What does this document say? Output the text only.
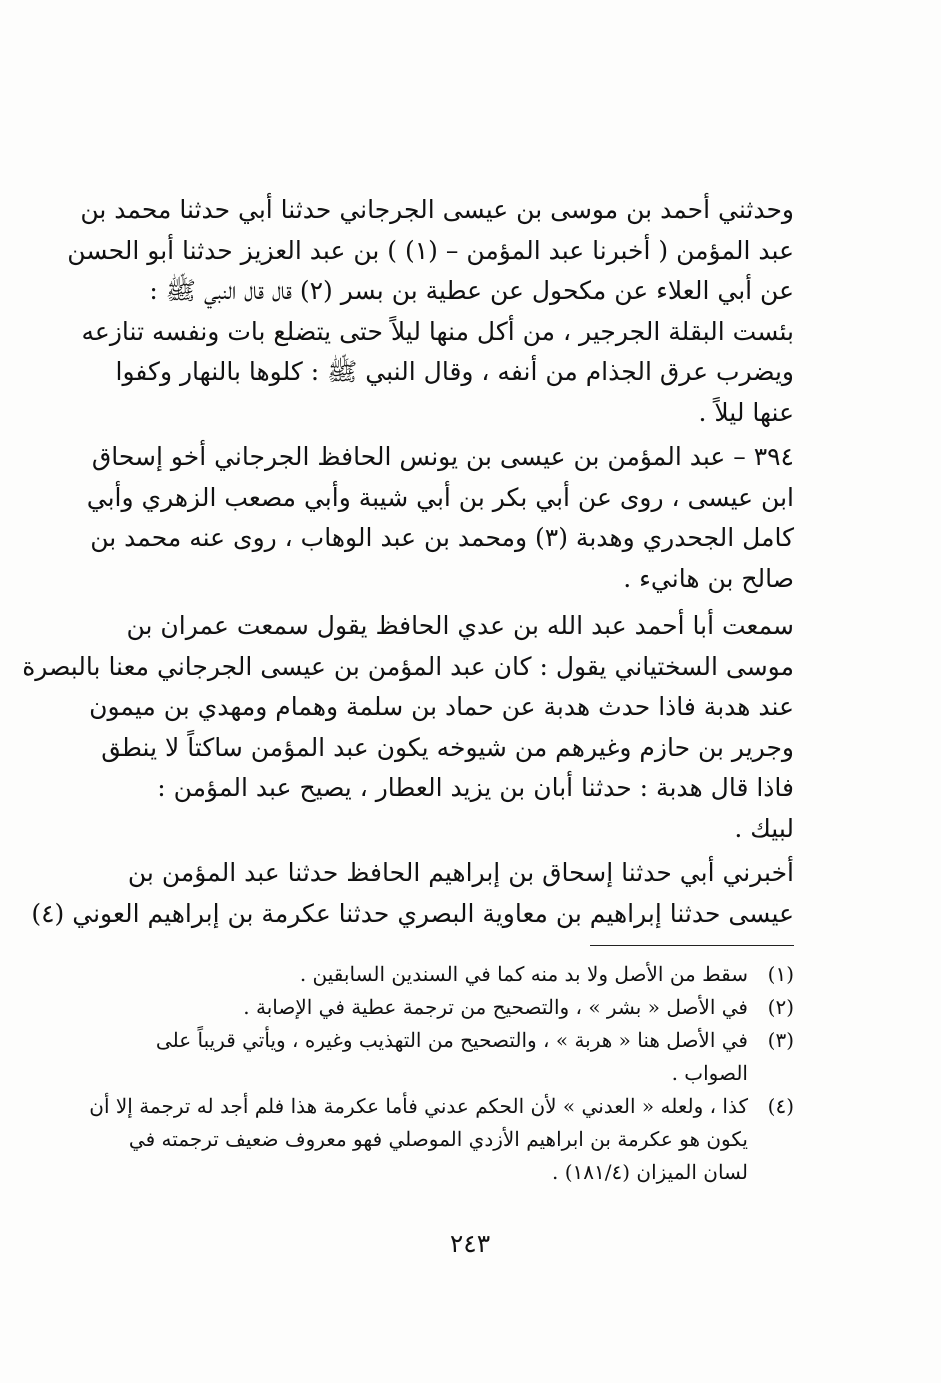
وحدثني أحمد بن موسى بن عيسى الجرجاني حدثنا أبي حدثنا محمد بن
عبد المؤمن ( أخبرنا عبد المؤمن – (١) ) بن عبد العزيز حدثنا أبو الحسن
عن أبي العلاء عن مكحول عن عطية بن بسر (٢) قال قال النبي ﷺ :
بئست البقلة الجرجير ، من أكل منها ليلاً حتى يتضلع بات ونفسه تنازعه
ويضرب عرق الجذام من أنفه ، وقال النبي ﷺ : كلوها بالنهار وكفوا
عنها ليلاً .
٣٩٤ – عبد المؤمن بن عيسى بن يونس الحافظ الجرجاني أخو إسحاق
ابن عيسى ، روى عن أبي بكر بن أبي شيبة وأبي مصعب الزهري وأبي
كامل الجحدري وهدبة (٣) ومحمد بن عبد الوهاب ، روى عنه محمد بن
صالح بن هانيء .
سمعت أبا أحمد عبد الله بن عدي الحافظ يقول سمعت عمران بن
موسى السختياني يقول : كان عبد المؤمن بن عيسى الجرجاني معنا بالبصرة
عند هدبة فاذا حدث هدبة عن حماد بن سلمة وهمام ومهدي بن ميمون
وجرير بن حازم وغيرهم من شيوخه يكون عبد المؤمن ساكتاً لا ينطق
فاذا قال هدبة : حدثنا أبان بن يزيد العطار ، يصيح عبد المؤمن :
لبيك .
أخبرني أبي حدثنا إسحاق بن إبراهيم الحافظ حدثنا عبد المؤمن بن
عيسى حدثنا إبراهيم بن معاوية البصري حدثنا عكرمة بن إبراهيم العوني (٤)
(١)
سقط من الأصل ولا بد منه كما في السندين السابقين .
(٢)
في الأصل « بشر » ، والتصحيح من ترجمة عطية في الإصابة .
(٣)
في الأصل هنا « هربة » ، والتصحيح من التهذيب وغيره ، ويأتي قريباً على
الصواب .
(٤)
كذا ، ولعله « العدني » لأن الحكم عدني فأما عكرمة هذا فلم أجد له ترجمة إلا أن
يكون هو عكرمة بن ابراهيم الأزدي الموصلي فهو معروف ضعيف ترجمته في
لسان الميزان (١٨١/٤) .
٢٤٣
